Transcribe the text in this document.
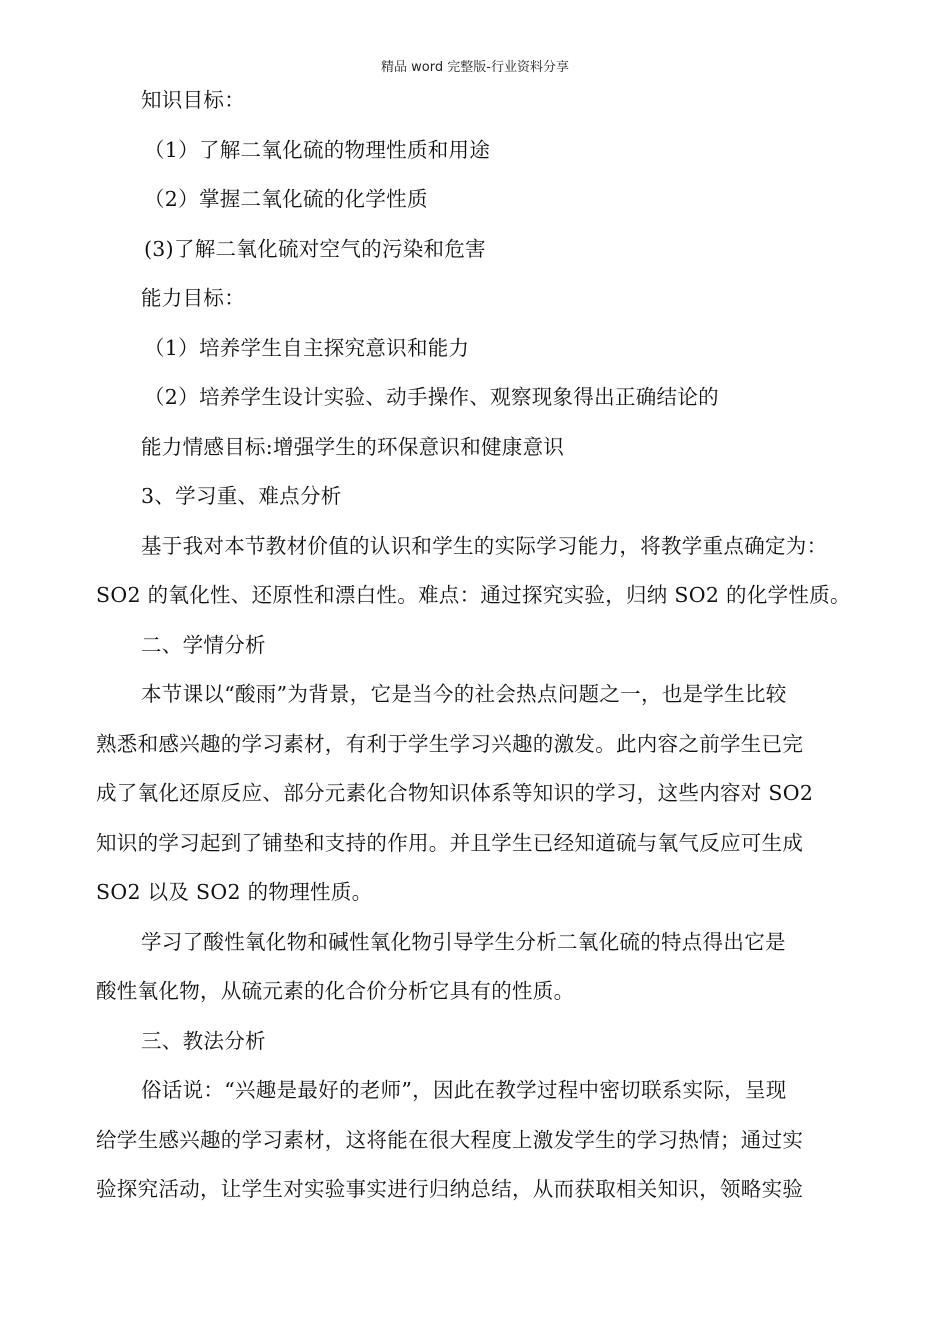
精品 word 完整版-行业资料分享
知识目标：
（1）了解二氧化硫的物理性质和用途
（2）掌握二氧化硫的化学性质
(3)了解二氧化硫对空气的污染和危害
能力目标：
（1）培养学生自主探究意识和能力
（2）培养学生设计实验、动手操作、观察现象得出正确结论的
能力情感目标:增强学生的环保意识和健康意识
3、学习重、难点分析
基于我对本节教材价值的认识和学生的实际学习能力，将教学重点确定为：
SO2 的氧化性、还原性和漂白性。难点：通过探究实验，归纳 SO2 的化学性质。
二、学情分析
本节课以“酸雨”为背景，它是当今的社会热点问题之一，也是学生比较
熟悉和感兴趣的学习素材，有利于学生学习兴趣的激发。此内容之前学生已完
成了氧化还原反应、部分元素化合物知识体系等知识的学习，这些内容对 SO2
知识的学习起到了铺垫和支持的作用。并且学生已经知道硫与氧气反应可生成
SO2 以及 SO2 的物理性质。
学习了酸性氧化物和碱性氧化物引导学生分析二氧化硫的特点得出它是
酸性氧化物，从硫元素的化合价分析它具有的性质。
三、教法分析
俗话说：“兴趣是最好的老师”，因此在教学过程中密切联系实际，呈现
给学生感兴趣的学习素材，这将能在很大程度上激发学生的学习热情；通过实
验探究活动，让学生对实验事实进行归纳总结，从而获取相关知识，领略实验
